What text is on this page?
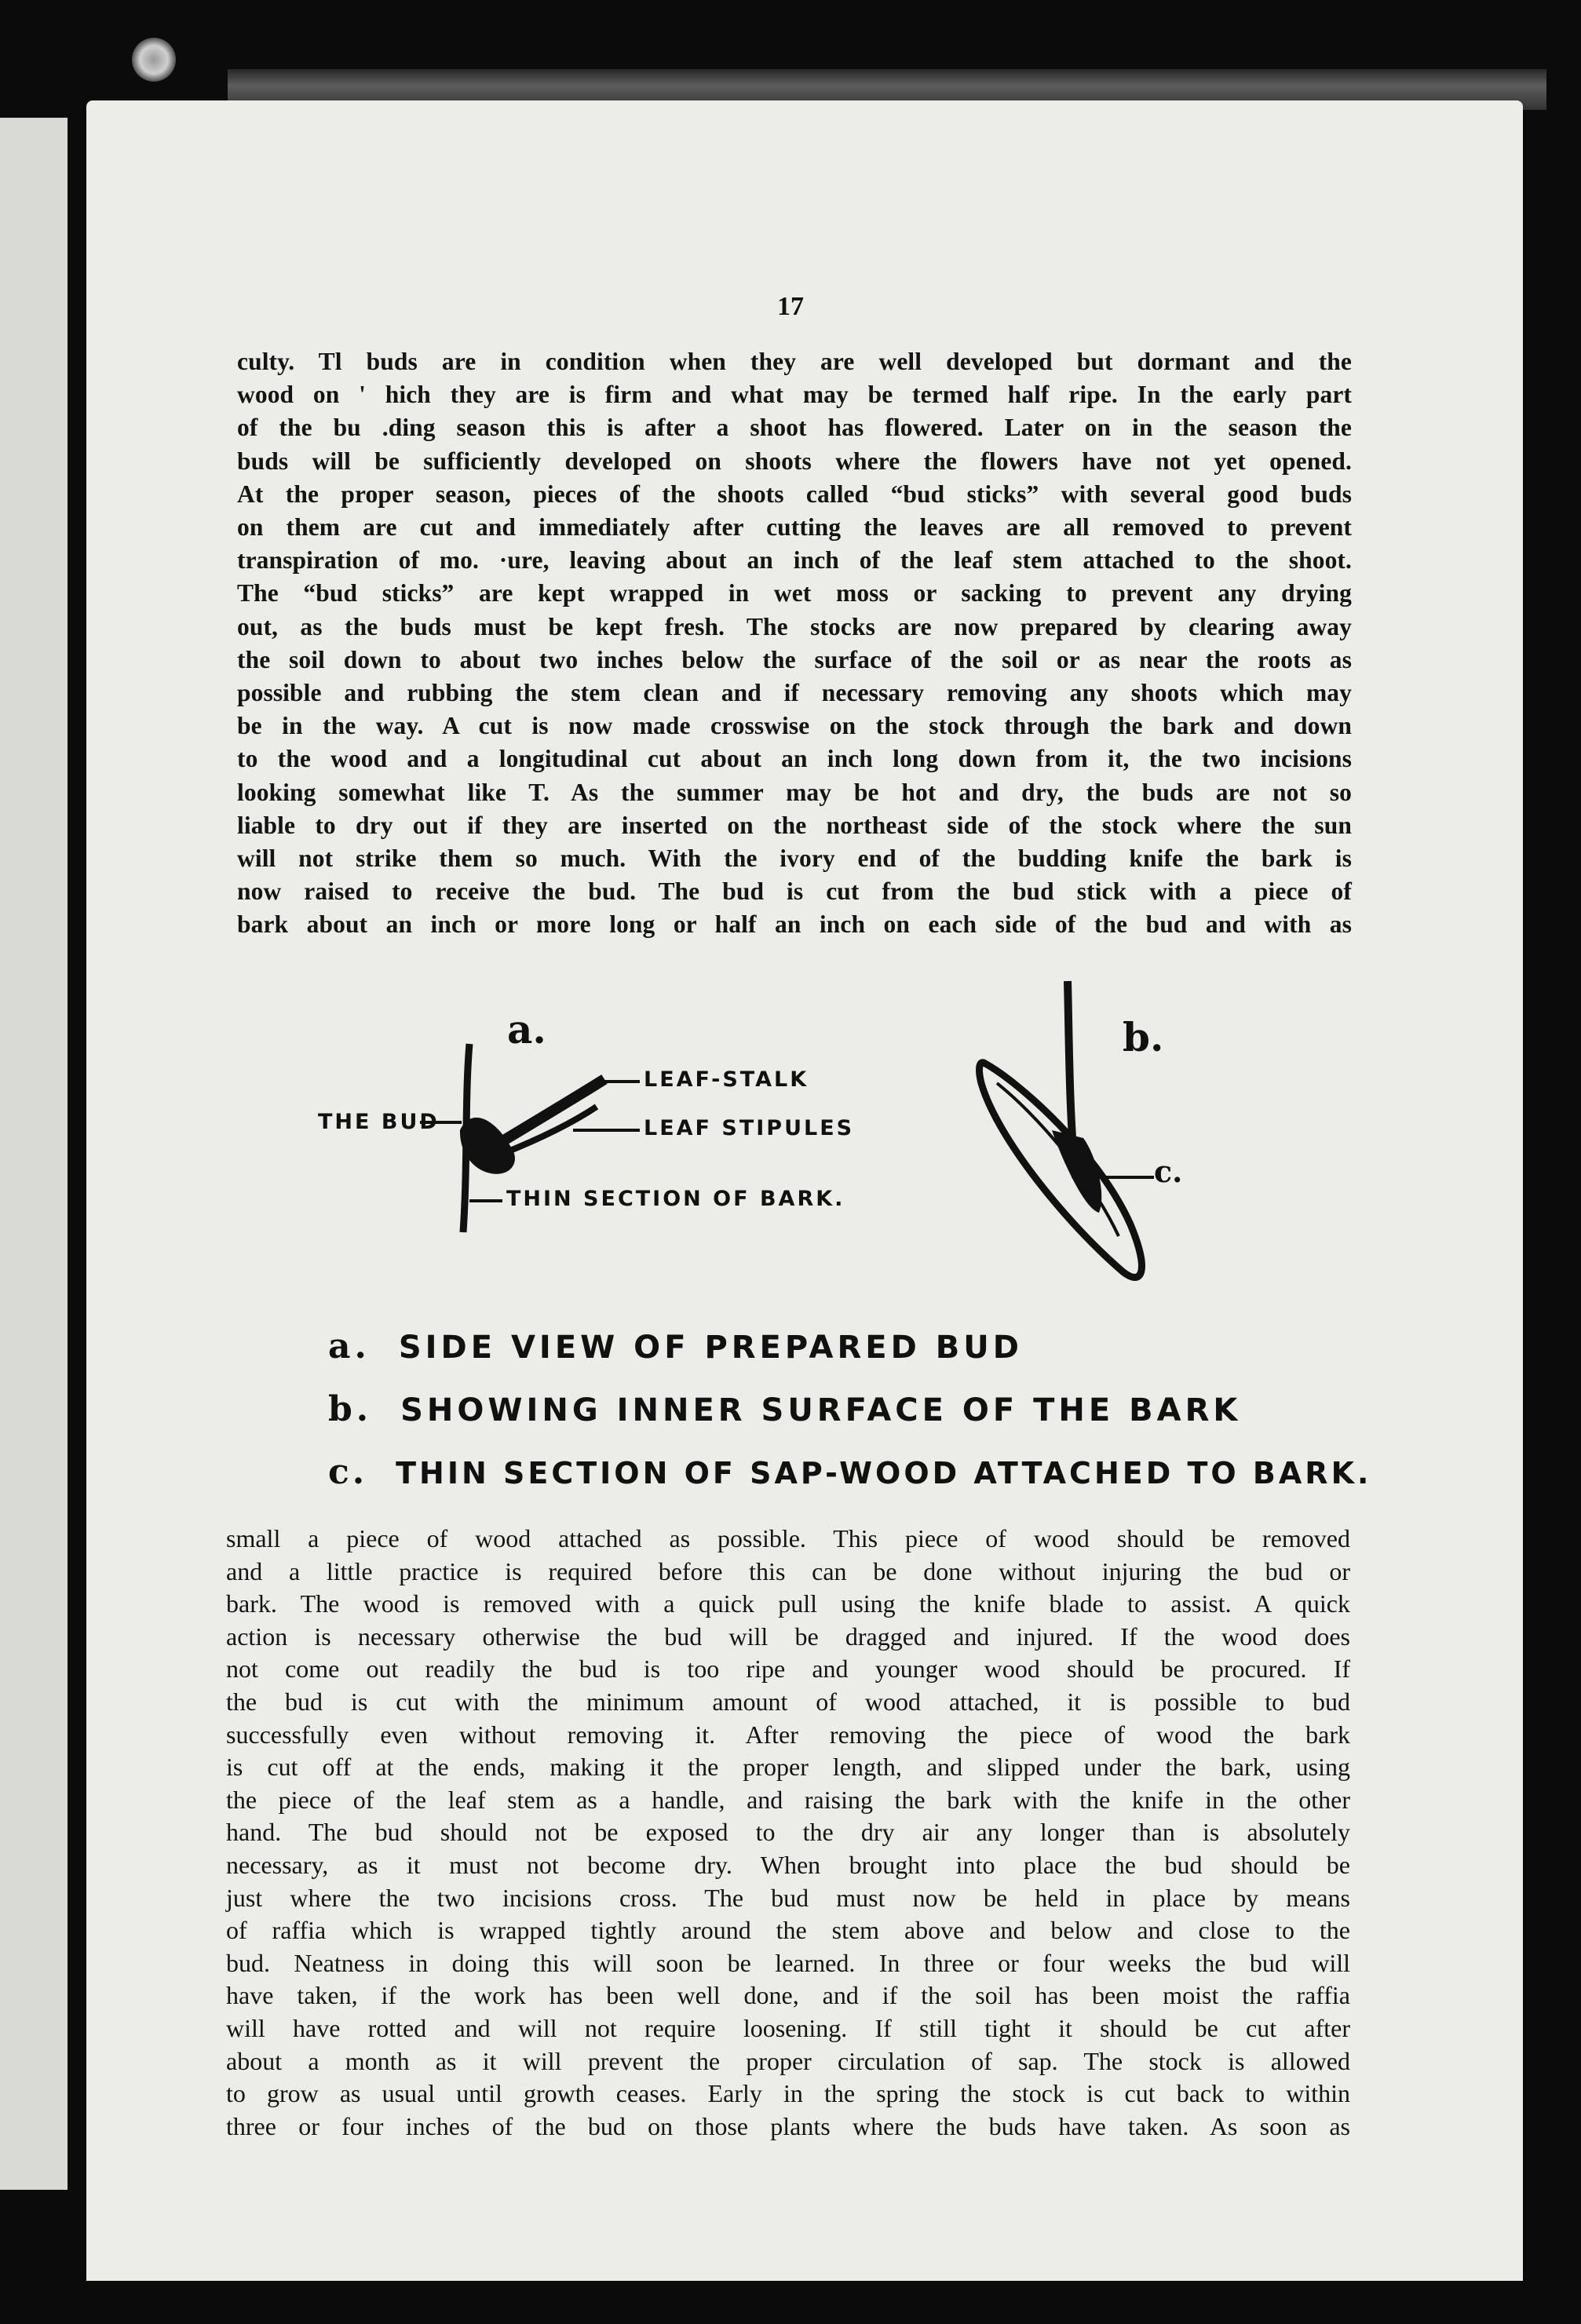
17
culty. Tl buds are in condition when they are well developed but dormant and the
wood on ' hich they are is firm and what may be termed half ripe. In the early part
of the bu .ding season this is after a shoot has flowered. Later on in the season the
buds will be sufficiently developed on shoots where the flowers have not yet opened.
At the proper season, pieces of the shoots called “bud sticks” with several good buds
on them are cut and immediately after cutting the leaves are all removed to prevent
transpiration of mo. ·ure, leaving about an inch of the leaf stem attached to the shoot.
The “bud sticks” are kept wrapped in wet moss or sacking to prevent any drying
out, as the buds must be kept fresh. The stocks are now prepared by clearing away
the soil down to about two inches below the surface of the soil or as near the roots as
possible and rubbing the stem clean and if necessary removing any shoots which may
be in the way. A cut is now made crosswise on the stock through the bark and down
to the wood and a longitudinal cut about an inch long down from it, the two incisions
looking somewhat like T. As the summer may be hot and dry, the buds are not so
liable to dry out if they are inserted on the northeast side of the stock where the sun
will not strike them so much. With the ivory end of the budding knife the bark is
now raised to receive the bud. The bud is cut from the bud stick with a piece of
bark about an inch or more long or half an inch on each side of the bud and with as
a.	b.
c.
THE BUD
LEAF-STALK
LEAF STIPULES
THIN SECTION OF BARK.
a. SIDE VIEW OF PREPARED BUD
b. SHOWING INNER SURFACE OF THE BARK
c. THIN SECTION OF SAP-WOOD ATTACHED TO BARK.
small a piece of wood attached as possible. This piece of wood should be removed
and a little practice is required before this can be done without injuring the bud or
bark. The wood is removed with a quick pull using the knife blade to assist. A quick
action is necessary otherwise the bud will be dragged and injured. If the wood does
not come out readily the bud is too ripe and younger wood should be procured. If
the bud is cut with the minimum amount of wood attached, it is possible to bud
successfully even without removing it. After removing the piece of wood the bark
is cut off at the ends, making it the proper length, and slipped under the bark, using
the piece of the leaf stem as a handle, and raising the bark with the knife in the other
hand. The bud should not be exposed to the dry air any longer than is absolutely
necessary, as it must not become dry. When brought into place the bud should be
just where the two incisions cross. The bud must now be held in place by means
of raffia which is wrapped tightly around the stem above and below and close to the
bud. Neatness in doing this will soon be learned. In three or four weeks the bud will
have taken, if the work has been well done, and if the soil has been moist the raffia
will have rotted and will not require loosening. If still tight it should be cut after
about a month as it will prevent the proper circulation of sap. The stock is allowed
to grow as usual until growth ceases. Early in the spring the stock is cut back to within
three or four inches of the bud on those plants where the buds have taken. As soon as
